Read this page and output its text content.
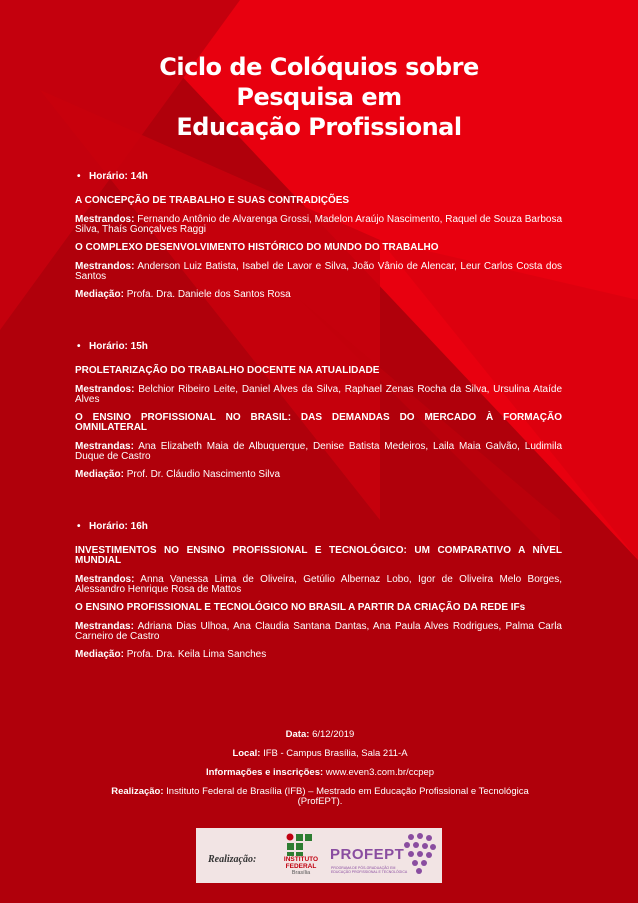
Ciclo de Colóquios sobre
Pesquisa em
Educação Profissional
• Horário: 14h
A CONCEPÇÃO DE TRABALHO E SUAS CONTRADIÇÕES
Mestrandos: Fernando Antônio de Alvarenga Grossi, Madelon Araújo Nascimento, Raquel de Souza Barbosa Silva, Thaís Gonçalves Raggi
O COMPLEXO DESENVOLVIMENTO HISTÓRICO DO MUNDO DO TRABALHO
Mestrandos: Anderson Luiz Batista, Isabel de Lavor e Silva, João Vânio de Alencar, Leur Carlos Costa dos Santos
Mediação: Profa. Dra. Daniele dos Santos Rosa
• Horário: 15h
PROLETARIZAÇÃO DO TRABALHO DOCENTE NA ATUALIDADE
Mestrandos: Belchior Ribeiro Leite, Daniel Alves da Silva, Raphael Zenas Rocha da Silva, Ursulina Ataíde Alves
O ENSINO PROFISSIONAL NO BRASIL: DAS DEMANDAS DO MERCADO À FORMAÇÃO OMNILATERAL
Mestrandas: Ana Elizabeth Maia de Albuquerque, Denise Batista Medeiros, Laila Maia Galvão, Ludimila Duque de Castro
Mediação: Prof. Dr. Cláudio Nascimento Silva
• Horário: 16h
INVESTIMENTOS NO ENSINO PROFISSIONAL E TECNOLÓGICO: UM COMPARATIVO A NÍVEL MUNDIAL
Mestrandos: Anna Vanessa Lima de Oliveira, Getúlio Albernaz Lobo, Igor de Oliveira Melo Borges, Alessandro Henrique Rosa de Mattos
O ENSINO PROFISSIONAL E TECNOLÓGICO NO BRASIL A PARTIR DA CRIAÇÃO DA REDE IFs
Mestrandas: Adriana Dias Ulhoa, Ana Claudia Santana Dantas, Ana Paula Alves Rodrigues, Palma Carla Carneiro de Castro
Mediação: Profa. Dra. Keila Lima Sanches
Data: 6/12/2019
Local: IFB - Campus Brasília, Sala 211-A
Informações e inscrições: www.even3.com.br/ccpep
Realização: Instituto Federal de Brasília (IFB) – Mestrado em Educação Profissional e Tecnológica (ProfEPT).
Realização:	INSTITUTO
FEDERAL
Brasília
PROFEPT
PROGRAMA DE PÓS-GRADUAÇÃO EM EDUCAÇÃO PROFISSIONAL E TECNOLÓGICA
